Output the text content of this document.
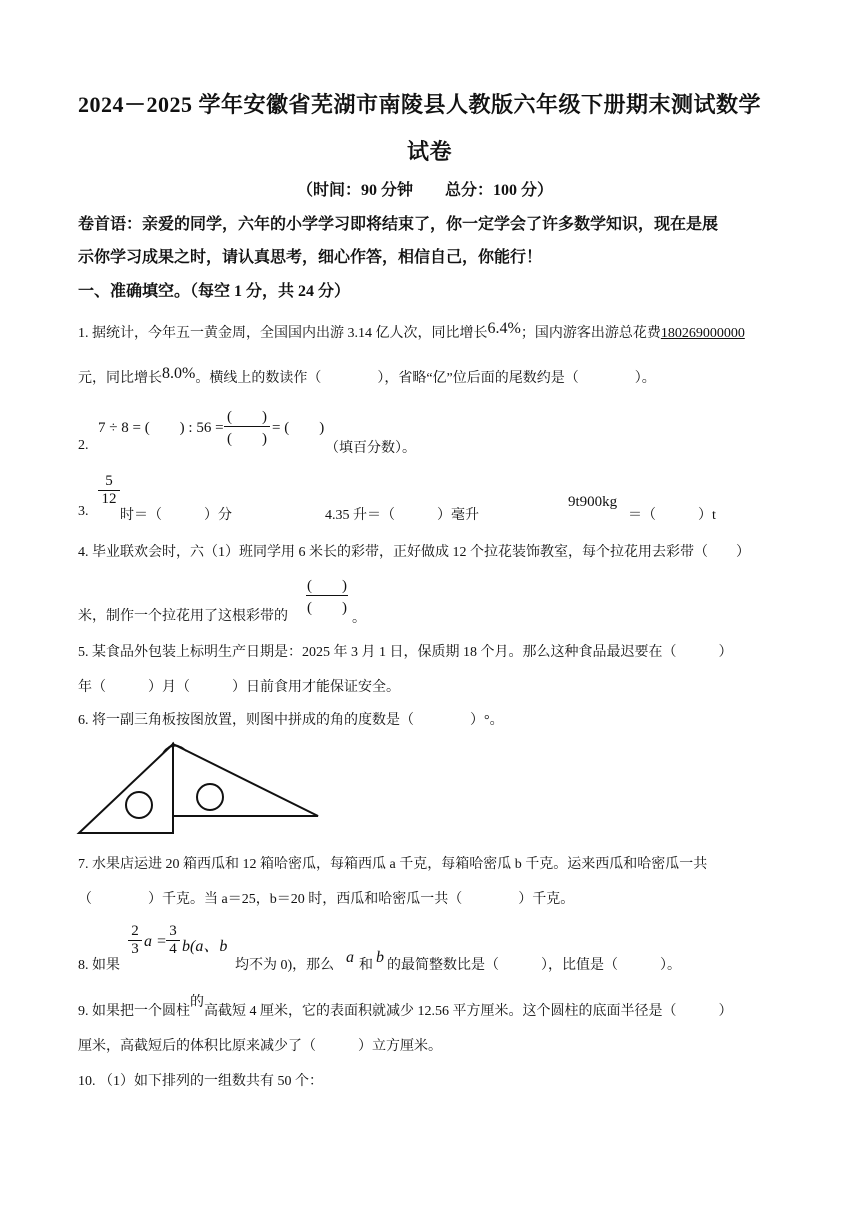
2024－2025 学年安徽省芜湖市南陵县人教版六年级下册期末测试数学
试卷
（时间：90 分钟　　总分：100 分）
卷首语：亲爱的同学，六年的小学学习即将结束了，你一定学会了许多数学知识，现在是展
示你学习成果之时，请认真思考，细心作答，相信自己，你能行！
一、准确填空。（每空 1 分，共 24 分）
1. 据统计，今年五一黄金周，全国国内出游 3.14 亿人次，同比增长6.4%；国内游客出游总花费180269000000
元，同比增长8.0%。横线上的数读作（　　　　），省略“亿”位后面的尾数约是（　　　　）。
2.
7 ÷ 8 = (　　) : 56 =
(　　)
(　　)
= (　　)
（填百分数）。
3.
5
12
时＝（　　　）分	4.35 升＝（　　　）毫升
9t900kg
＝（　　　）t
4. 毕业联欢会时，六（1）班同学用 6 米长的彩带，正好做成 12 个拉花装饰教室，每个拉花用去彩带（　　）
米，制作一个拉花用了这根彩带的
(　　)
(　　)
。
5. 某食品外包装上标明生产日期是：2025 年 3 月 1 日，保质期 18 个月。那么这种食品最迟要在（　　　）
年（　　　）月（　　　）日前食用才能保证安全。
6. 将一副三角板按图放置，则图中拼成的角的度数是（　　　　）°。
7. 水果店运进 20 箱西瓜和 12 箱哈密瓜，每箱西瓜 a 千克，每箱哈密瓜 b 千克。运来西瓜和哈密瓜一共
（　　　　）千克。当 a＝25，b＝20 时，西瓜和哈密瓜一共（　　　　）千克。
8. 如果
2
3 a =
3
4 b(a、b
均不为 0)，那么 a 和 b 的最简整数比是（　　　），比值是（　　　）。
9. 如果把一个圆柱的高截短 4 厘米，它的表面积就减少 12.56 平方厘米。这个圆柱的底面半径是（　　　）
厘米，高截短后的体积比原来减少了（　　　）立方厘米。
10. （1）如下排列的一组数共有 50 个：
